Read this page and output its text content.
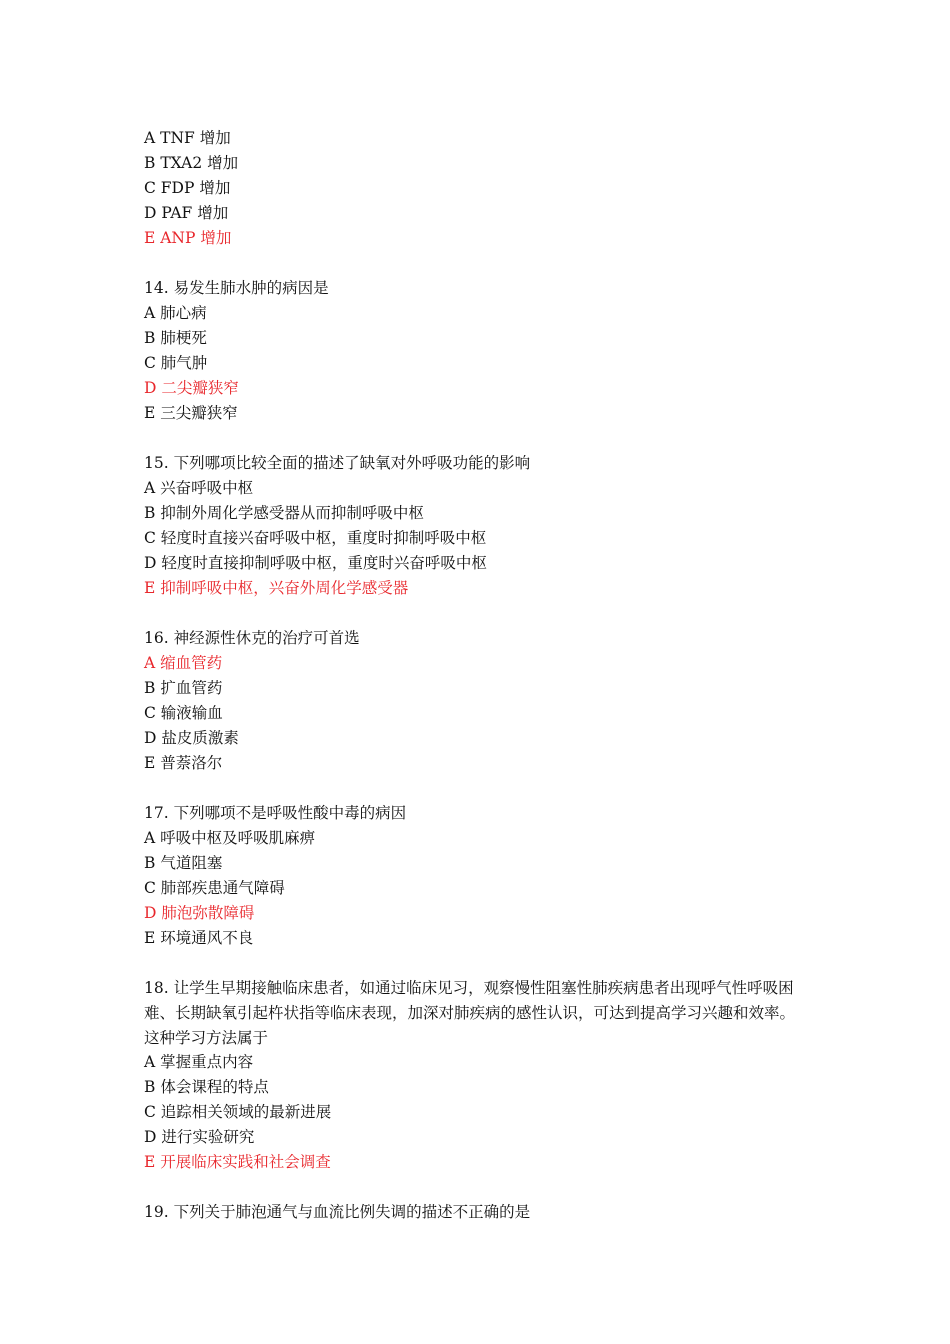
A TNF 增加
B TXA2 增加
C FDP 增加
D PAF 增加
E ANP 增加
14. 易发生肺水肿的病因是
A 肺心病
B 肺梗死
C 肺气肿
D 二尖瓣狭窄
E 三尖瓣狭窄
15. 下列哪项比较全面的描述了缺氧对外呼吸功能的影响
A 兴奋呼吸中枢
B 抑制外周化学感受器从而抑制呼吸中枢
C 轻度时直接兴奋呼吸中枢，重度时抑制呼吸中枢
D 轻度时直接抑制呼吸中枢，重度时兴奋呼吸中枢
E 抑制呼吸中枢，兴奋外周化学感受器
16. 神经源性休克的治疗可首选
A 缩血管药
B 扩血管药
C 输液输血
D 盐皮质激素
E 普萘洛尔
17. 下列哪项不是呼吸性酸中毒的病因
A 呼吸中枢及呼吸肌麻痹
B 气道阻塞
C 肺部疾患通气障碍
D 肺泡弥散障碍
E 环境通风不良
18. 让学生早期接触临床患者，如通过临床见习，观察慢性阻塞性肺疾病患者出现呼气性呼吸困难、长期缺氧引起杵状指等临床表现，加深对肺疾病的感性认识，可达到提高学习兴趣和效率。这种学习方法属于
A 掌握重点内容
B 体会课程的特点
C 追踪相关领域的最新进展
D 进行实验研究
E 开展临床实践和社会调查
19. 下列关于肺泡通气与血流比例失调的描述不正确的是
